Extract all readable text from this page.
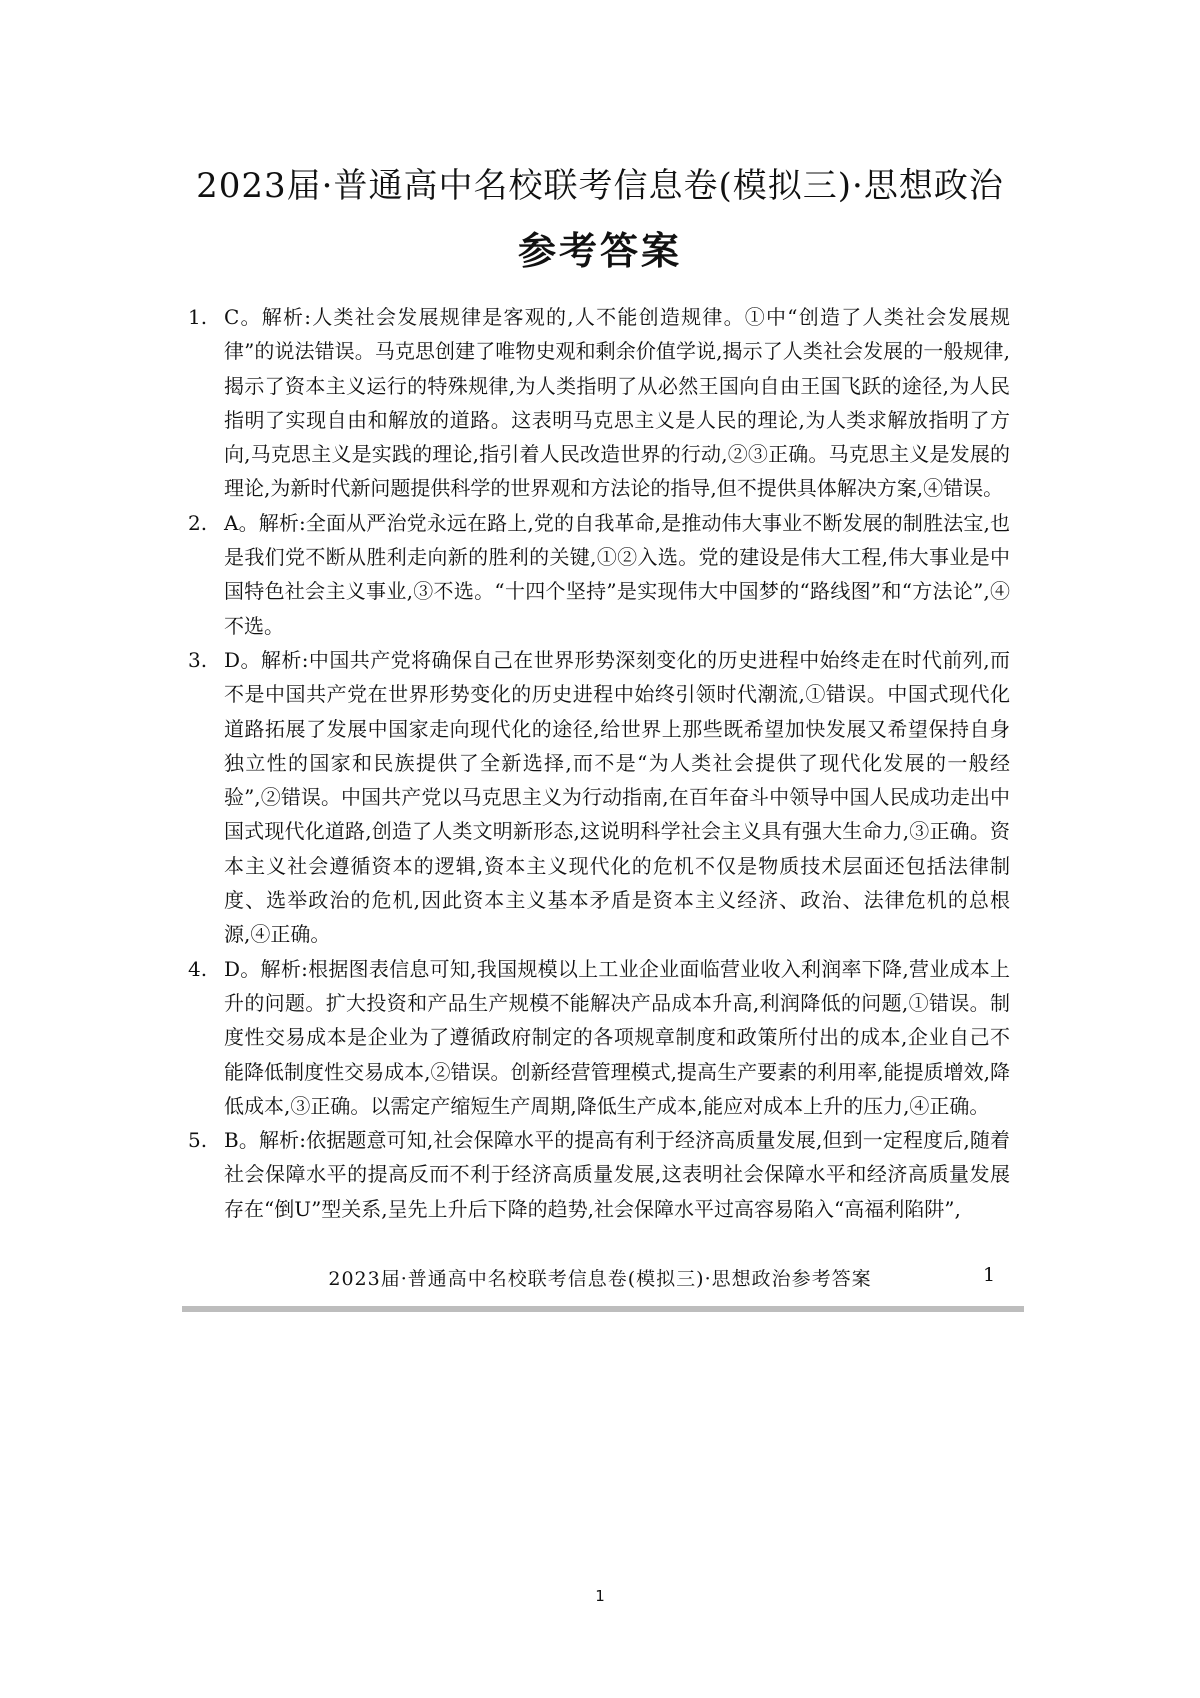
2023届·普通高中名校联考信息卷(模拟三)·思想政治
参考答案
1. C。解析:人类社会发展规律是客观的,人不能创造规律。①中“创造了人类社会发展规律”的说法错误。马克思创建了唯物史观和剩余价值学说,揭示了人类社会发展的一般规律,揭示了资本主义运行的特殊规律,为人类指明了从必然王国向自由王国飞跃的途径,为人民指明了实现自由和解放的道路。这表明马克思主义是人民的理论,为人类求解放指明了方向,马克思主义是实践的理论,指引着人民改造世界的行动,②③正确。马克思主义是发展的理论,为新时代新问题提供科学的世界观和方法论的指导,但不提供具体解决方案,④错误。
2. A。解析:全面从严治党永远在路上,党的自我革命,是推动伟大事业不断发展的制胜法宝,也是我们党不断从胜利走向新的胜利的关键,①②入选。党的建设是伟大工程,伟大事业是中国特色社会主义事业,③不选。“十四个坚持”是实现伟大中国梦的“路线图”和“方法论”,④不选。
3. D。解析:中国共产党将确保自己在世界形势深刻变化的历史进程中始终走在时代前列,而不是中国共产党在世界形势变化的历史进程中始终引领时代潮流,①错误。中国式现代化道路拓展了发展中国家走向现代化的途径,给世界上那些既希望加快发展又希望保持自身独立性的国家和民族提供了全新选择,而不是“为人类社会提供了现代化发展的一般经验”,②错误。中国共产党以马克思主义为行动指南,在百年奋斗中领导中国人民成功走出中国式现代化道路,创造了人类文明新形态,这说明科学社会主义具有强大生命力,③正确。资本主义社会遵循资本的逻辑,资本主义现代化的危机不仅是物质技术层面还包括法律制度、选举政治的危机,因此资本主义基本矛盾是资本主义经济、政治、法律危机的总根源,④正确。
4. D。解析:根据图表信息可知,我国规模以上工业企业面临营业收入利润率下降,营业成本上升的问题。扩大投资和产品生产规模不能解决产品成本升高,利润降低的问题,①错误。制度性交易成本是企业为了遵循政府制定的各项规章制度和政策所付出的成本,企业自己不能降低制度性交易成本,②错误。创新经营管理模式,提高生产要素的利用率,能提质增效,降低成本,③正确。以需定产缩短生产周期,降低生产成本,能应对成本上升的压力,④正确。
5. B。解析:依据题意可知,社会保障水平的提高有利于经济高质量发展,但到一定程度后,随着社会保障水平的提高反而不利于经济高质量发展,这表明社会保障水平和经济高质量发展存在“倒U”型关系,呈先上升后下降的趋势,社会保障水平过高容易陷入“高福利陷阱”,
2023届·普通高中名校联考信息卷(模拟三)·思想政治参考答案	1
1
